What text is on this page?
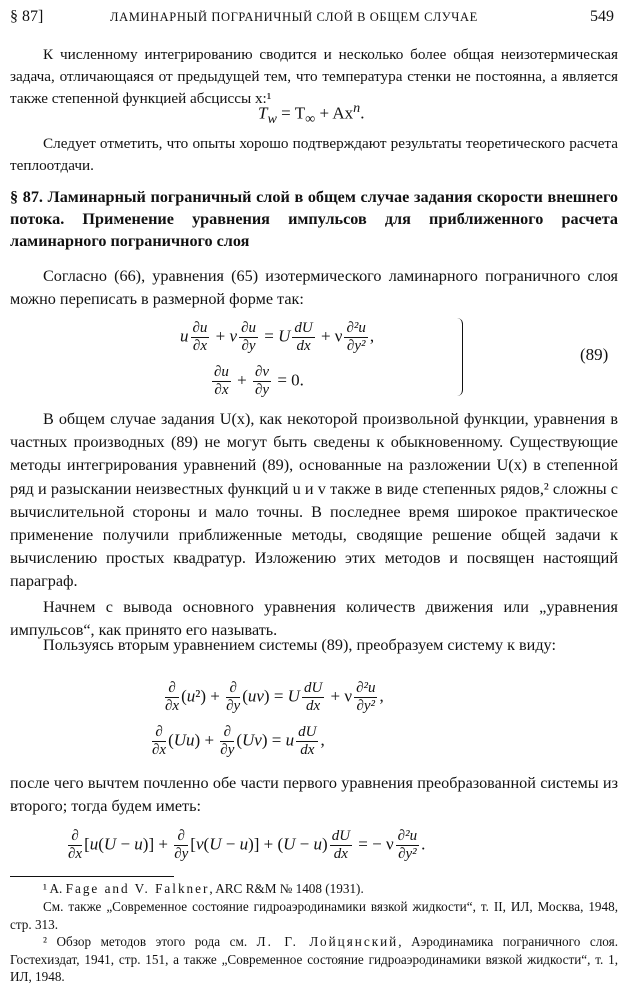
§ 87]	ЛАМИНАРНЫЙ ПОГРАНИЧНЫЙ СЛОЙ В ОБЩЕМ СЛУЧАЕ	549
К численному интегрированию сводится и несколько более общая неизотермическая задача, отличающаяся от предыдущей тем, что температура стенки не постоянна, а является также степенной функцией абсциссы x:¹
$T_w = T_\infty + Ax^n$.
Следует отметить, что опыты хорошо подтверждают результаты теоретического расчета теплоотдачи.
§ 87. Ламинарный пограничный слой в общем случае задания скорости внешнего потока. Применение уравнения импульсов для приближенного расчета ламинарного пограничного слоя
Согласно (66), уравнения (65) изотермического ламинарного пограничного слоя можно переписать в размерной форме так:
u $\frac{\partial u}{\partial x} + v \frac{\partial u}{\partial y} = U \frac{dU}{dx} + \nu \frac{\text{∂²u}}{\text{∂y²}}$ ,
$\frac{\partial u}{\partial x} + \frac{\partial v}{\partial y} = 0$.
(89)
В общем случае задания U(x), как некоторой произвольной функции, уравнения в частных производных (89) не могут быть сведены к обыкновенному. Существующие методы интегрирования уравнений (89), основанные на разложении U(x) в степенной ряд и разыскании неизвестных функций u и v также в виде степенных рядов,² сложны с вычислительной стороны и мало точны. В последнее время широкое практическое применение получили приближенные методы, сводящие решение общей задачи к вычислению простых квадратур. Изложению этих методов и посвящен настоящий параграф.
Начнем с вывода основного уравнения количеств движения или „уравнения импульсов“, как принято его называть.
Пользуясь вторым уравнением системы (89), преобразуем систему к виду:
$\frac{\partial}{\partial x} (u^2) + \frac{\partial}{\partial y} (uv) = U \frac{dU}{dx} + \nu \frac{\text{∂²u}}{\text{∂y²}}$ ,
$\frac{\partial}{\partial x} (Uu) + \frac{\partial}{\partial y} (Uv) = u \frac{dU}{dx}$ ,
после чего вычтем почленно обе части первого уравнения преобразованной системы из второго; тогда будем иметь:
$\frac{\partial}{\partial x} [u(U - u)] + \frac{\partial}{\partial y} [v(U - u)] + (U - u) \frac{dU}{dx}$ = − ν $\frac{\text{∂²u}}{\text{∂y²}}$ .
¹ A. Fage and V. Falkner, ARC R&M № 1408 (1931).
См. также „Современное состояние гидроаэродинамики вязкой жидкости“, т. II, ИЛ, Москва, 1948, стр. 313.
² Обзор методов этого рода см. Л. Г. Лойцянский, Аэродинамика пограничного слоя. Гостехиздат, 1941, стр. 151, а также „Современное состояние гидроаэродинамики вязкой жидкости“, т. 1, ИЛ, 1948.
